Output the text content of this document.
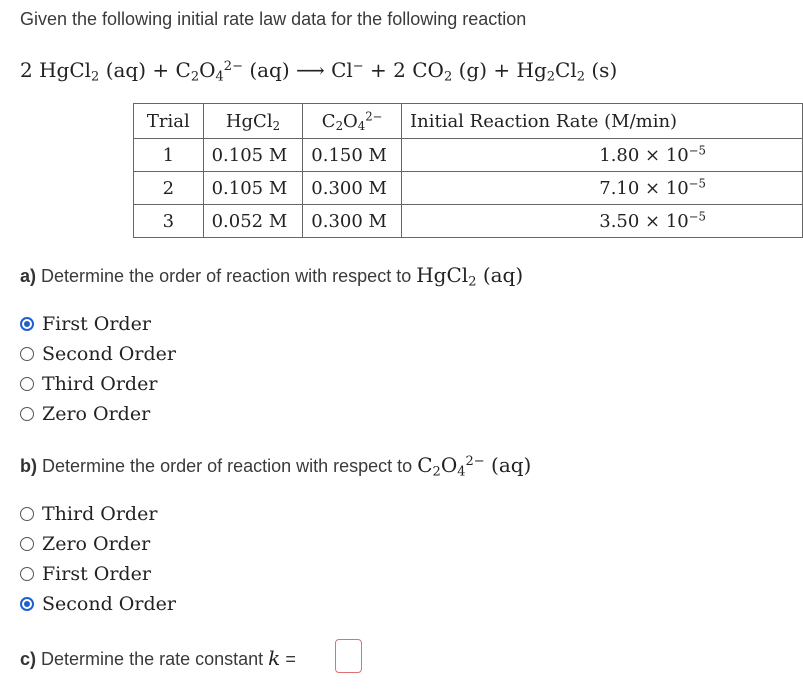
Given the following initial rate law data for the following reaction
2 HgCl$_2$ $(aq) + C_2O_4^{2-}$ (aq) ⟶ Cl− + 2 $CO_2$ $(g) + Hg_2Cl_2$ (s)
Trial	HgCl$_2$	$C_2O_4^{2-}$	Initial Reaction Rate (M/min)
1	0.105 M	0.150 M	$1.80 \times 10^{-5}$
2	0.105 M	0.300 M	$7.10 \times 10^{-5}$
3	0.052 M	0.300 M	$3.50 \times 10^{-5}$
a) Determine the order of reaction with respect to HgCl$_2$ (aq)
First Order
Second Order
Third Order
Zero Order
b) Determine the order of reaction with respect to $C_2O_4^{2-}$ (aq)
Third Order
Zero Order
First Order
Second Order
c) Determine the rate constant k =
